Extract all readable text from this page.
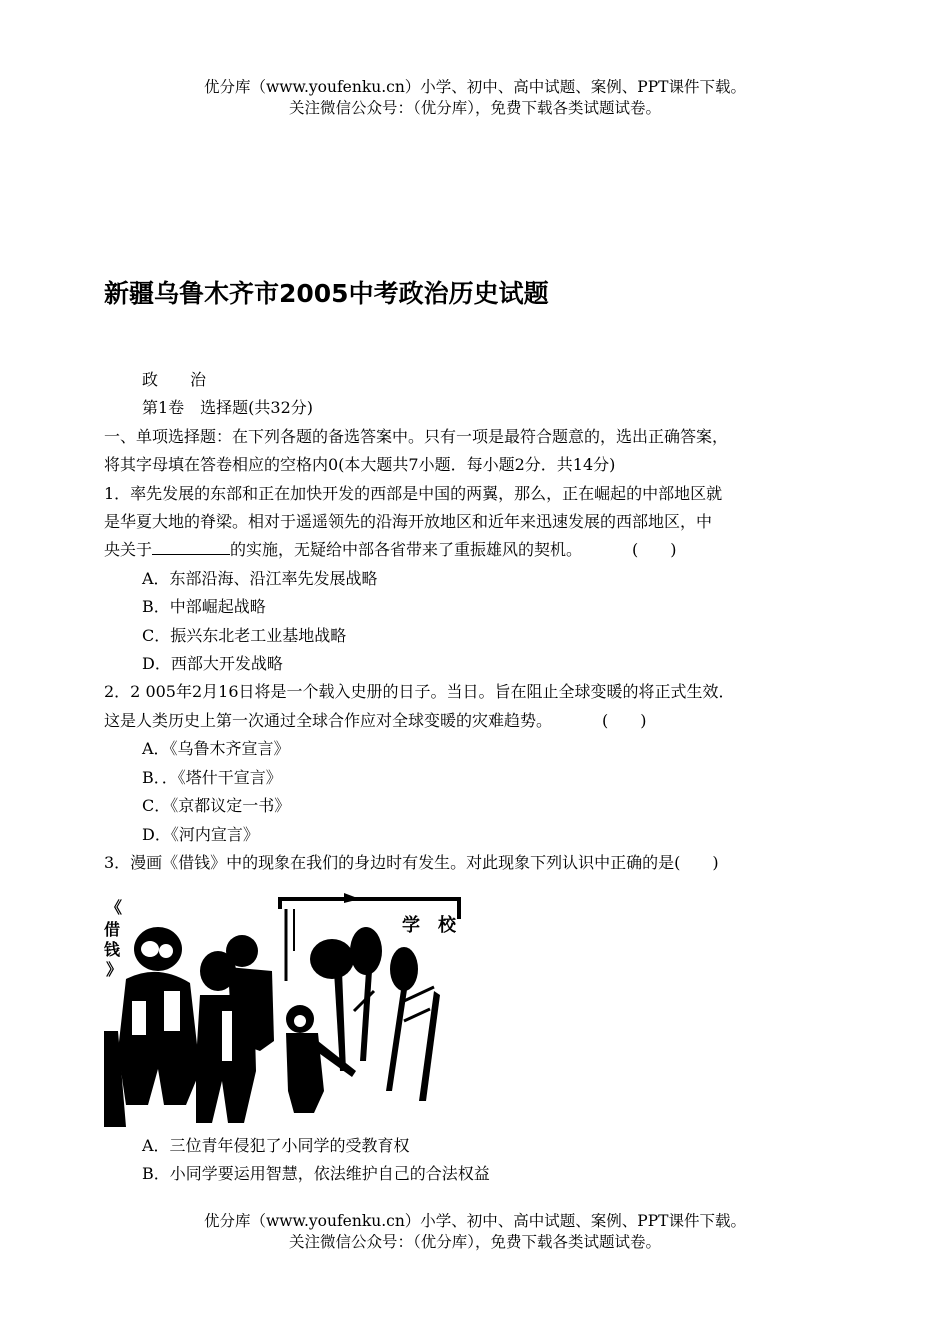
优分库（www.youfenku.cn）小学、初中、高中试题、案例、PPT课件下载。
关注微信公众号：（优分库），免费下载各类试题试卷。
新疆乌鲁木齐市2005中考政治历史试题

政　　治

第1卷　选择题(共32分)

一、单项选择题：在下列各题的备选答案中。只有一项是最符合题意的，选出正确答案，

将其字母填在答卷相应的空格内0(本大题共7小题．每小题2分．共14分)

1．率先发展的东部和正在加快开发的西部是中国的两翼，那么，正在崛起的中部地区就

是华夏大地的脊梁。相对于遥遥领先的沿海开放地区和近年来迅速发展的西部地区，中

央关于	的实施，无疑给中部各省带来了重振雄风的契机。	(　　)

A．东部沿海、沿江率先发展战略

B．中部崛起战略

C．振兴东北老工业基地战略

D．西部大开发战略

2．2 005年2月16日将是一个载入史册的日子。当日。旨在阻止全球变暖的将正式生效．

这是人类历史上第一次通过全球合作应对全球变暖的灾难趋势。	(　　)

A．《乌鲁木齐宣言》

B．．《塔什干宣言》

C．《京都议定一书》

D．《河内宣言》

3．漫画《借钱》中的现象在我们的身边时有发生。对此现象下列认识中正确的是(　　)

《
借
钱
》
学　校

A．三位青年侵犯了小同学的受教育权

B．小同学要运用智慧，依法维护自己的合法权益

优分库（www.youfenku.cn）小学、初中、高中试题、案例、PPT课件下载。
关注微信公众号：（优分库），免费下载各类试题试卷。
